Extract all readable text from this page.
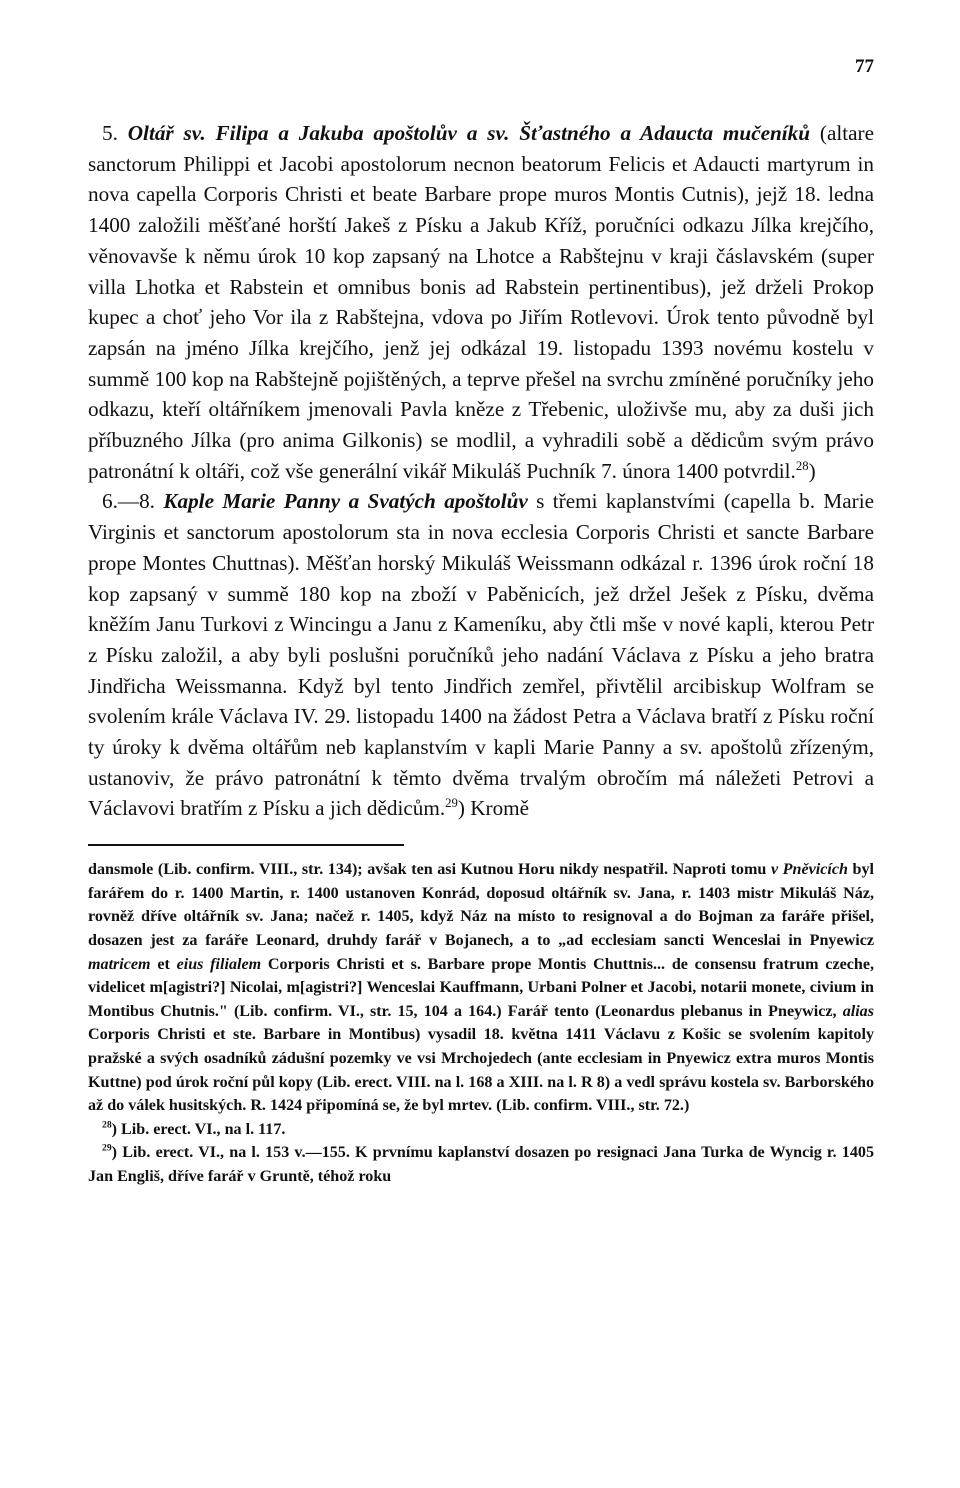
77

5. Oltář sv. Filipa a Jakuba apoštolův a sv. Šťastného a Adaucta mučeníků (altare sanctorum Philippi et Jacobi apostolorum necnon beatorum Felicis et Adaucti martyrum in nova capella Corporis Christi et beate Barbare prope muros Montis Cutnis), jejž 18. ledna 1400 založili měšťané horští Jakeš z Písku a Jakub Kříž, poručníci odkazu Jílka krejčího, věnovavše k němu úrok 10 kop zapsaný na Lhotce a Rabštejnu v kraji čáslavském (super villa Lhotka et Rabstein et omnibus bonis ad Rabstein pertinentibus), jež drželi Prokop kupec a choť jeho Vor ila z Rabštejna, vdova po Jiřím Rotlevovi. Úrok tento původně byl zapsán na jméno Jílka krejčího, jenž jej odkázal 19. listopadu 1393 novému kostelu v summě 100 kop na Rabštejně pojištěných, a teprve přešel na svrchu zmíněné poručníky jeho odkazu, kteří oltářníkem jmenovali Pavla kněze z Třebenic, uloživše mu, aby za duši jich příbuzného Jílka (pro anima Gilkonis) se modlil, a vyhradili sobě a dědicům svým právo patronátní k oltáři, což vše generální vikář Mikuláš Puchník 7. února 1400 potvrdil.$^{28}$)

6.—8. Kaple Marie Panny a Svatých apoštolův s třemi kaplanstvími (capella b. Marie Virginis et sanctorum apostolorum sta in nova ecclesia Corporis Christi et sancte Barbare prope Montes Chuttnas). Měšťan horský Mikuláš Weissmann odkázal r. 1396 úrok roční 18 kop zapsaný v summě 180 kop na zboží v Paběnicích, jež držel Ješek z Písku, dvěma kněžím Janu Turkovi z Wincingu a Janu z Kameníku, aby čtli mše v nové kapli, kterou Petr z Písku založil, a aby byli poslušni poručníků jeho nadání Václava z Písku a jeho bratra Jindřicha Weissmanna. Když byl tento Jindřich zemřel, přivtělil arcibiskup Wolfram se svolením krále Václava IV. 29. listopadu 1400 na žádost Petra a Václava bratří z Písku roční ty úroky k dvěma oltářům neb kaplanstvím v kapli Marie Panny a sv. apoštolů zřízeným, ustanoviv, že právo patronátní k těmto dvěma trvalým obročím má náležeti Petrovi a Václavovi bratřím z Písku a jich dědicům.$^{29}$) Kromě

dansmole (Lib. confirm. VIII., str. 134); avšak ten asi Kutnou Horu nikdy nespatřil. Naproti tomu v Pněvicích byl farářem do r. 1400 Martin, r. 1400 ustanoven Konrád, doposud oltářník sv. Jana, r. 1403 mistr Mikuláš Náz, rovněž dříve oltářník sv. Jana; načež r. 1405, když Náz na místo to resignoval a do Bojman za faráře přišel, dosazen jest za faráře Leonard, druhdy farář v Bojanech, a to „ad ecclesiam sancti Wenceslai in Pnyewicz matricem et eius filialem Corporis Christi et s. Barbare prope Montis Chuttnis... de consensu fratrum czeche, videlicet m[agistri?] Nicolai, m[agistri?] Wenceslai Kauffmann, Urbani Polner et Jacobi, notarii monete, civium in Montibus Chutnis." (Lib. confirm. VI., str. 15, 104 a 164.) Farář tento (Leonardus plebanus in Pneywicz, alias Corporis Christi et ste. Barbare in Montibus) vysadil 18. května 1411 Václavu z Košic se svolením kapitoly pražské a svých osadníků zádušní pozemky ve vsi Mrchojedech (ante ecclesiam in Pnyewicz extra muros Montis Kuttne) pod úrok roční půl kopy (Lib. erect. VIII. na l. 168 a XIII. na l. R 8) a vedl správu kostela sv. Barborského až do válek husitských. R. 1424 připomíná se, že byl mrtev. (Lib. confirm. VIII., str. 72.)

$^{28}$) Lib. erect. VI., na l. 117.

$^{29}$) Lib. erect. VI., na l. 153 v.—155. K prvnímu kaplanství dosazen po resignaci Jana Turka de Wyncig r. 1405 Jan Engliš, dříve farář v Gruntě, téhož roku
